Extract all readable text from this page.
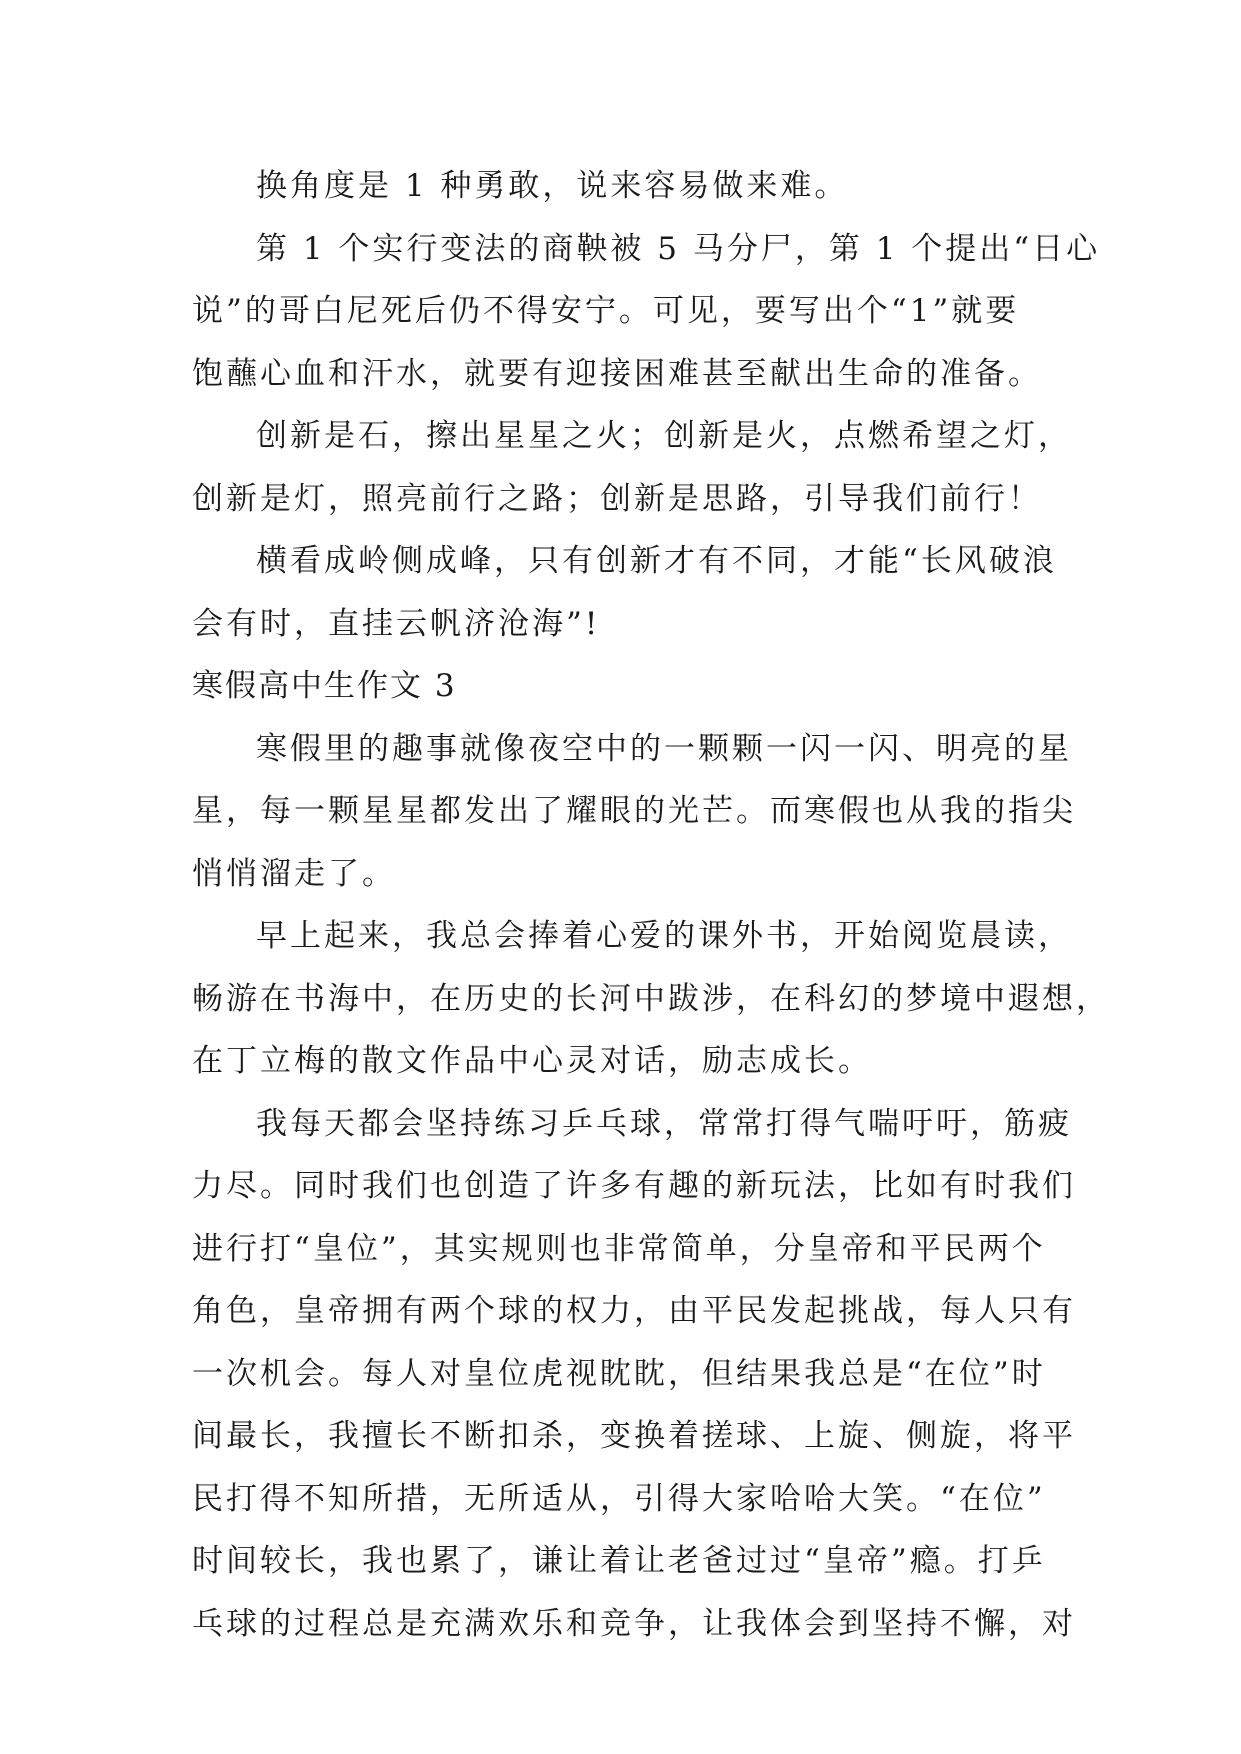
换角度是 1 种勇敢，说来容易做来难。
第 1 个实行变法的商鞅被 5 马分尸，第 1 个提出“日心
说”的哥白尼死后仍不得安宁。可见，要写出个“1”就要
饱蘸心血和汗水，就要有迎接困难甚至献出生命的准备。
创新是石，擦出星星之火；创新是火，点燃希望之灯，
创新是灯，照亮前行之路；创新是思路，引导我们前行！
横看成岭侧成峰，只有创新才有不同，才能“长风破浪
会有时，直挂云帆济沧海”!
寒假高中生作文 3
寒假里的趣事就像夜空中的一颗颗一闪一闪、明亮的星
星，每一颗星星都发出了耀眼的光芒。而寒假也从我的指尖
悄悄溜走了。
早上起来，我总会捧着心爱的课外书，开始阅览晨读，
畅游在书海中，在历史的长河中跋涉，在科幻的梦境中遐想，
在丁立梅的散文作品中心灵对话，励志成长。
我每天都会坚持练习乒乓球，常常打得气喘吁吁，筋疲
力尽。同时我们也创造了许多有趣的新玩法，比如有时我们
进行打“皇位”，其实规则也非常简单，分皇帝和平民两个
角色，皇帝拥有两个球的权力，由平民发起挑战，每人只有
一次机会。每人对皇位虎视眈眈，但结果我总是“在位”时
间最长，我擅长不断扣杀，变换着搓球、上旋、侧旋，将平
民打得不知所措，无所适从，引得大家哈哈大笑。“在位”
时间较长，我也累了，谦让着让老爸过过“皇帝”瘾。打乒
乓球的过程总是充满欢乐和竞争，让我体会到坚持不懈，对
